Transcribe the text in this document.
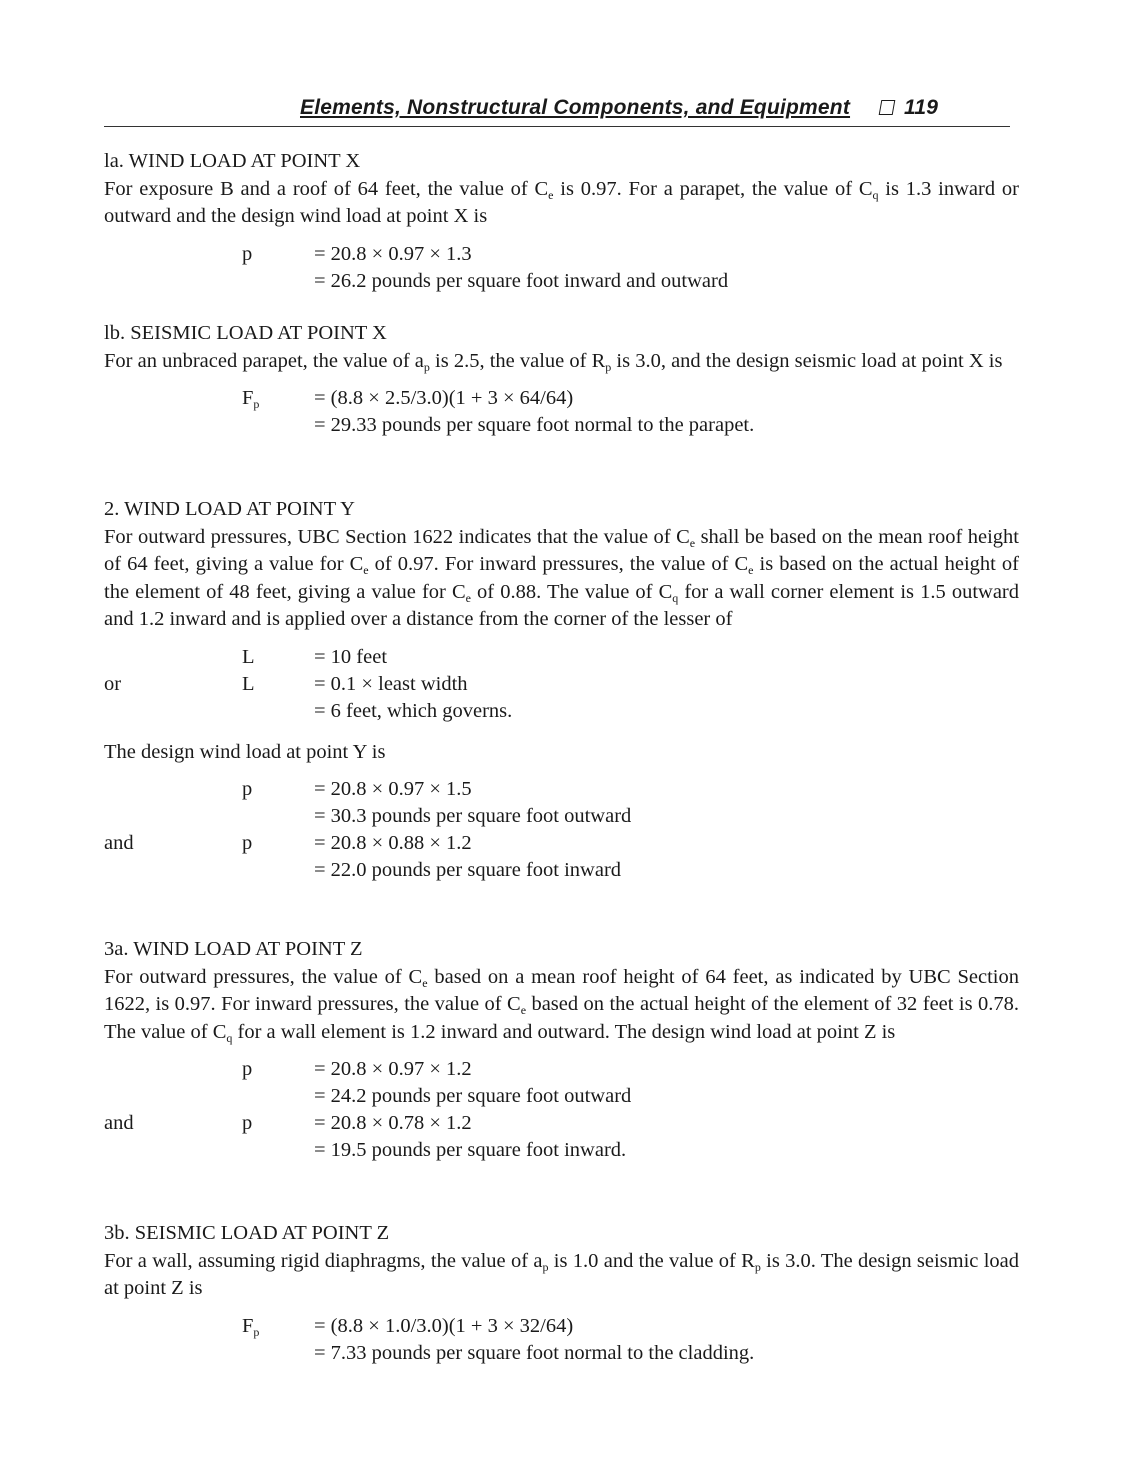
Elements, Nonstructural Components, and Equipment	119

la. WIND LOAD AT POINT X

For exposure B and a roof of 64 feet, the value of $C_e$ is 0.97. For a parapet, the value of $C_q$ is 1.3 inward or outward and the design wind load at point X is

p	= 20.8 × 0.97 × 1.3
= 26.2 pounds per square foot inward and outward

lb. SEISMIC LOAD AT POINT X

For an unbraced parapet, the value of $a_p$ is 2.5, the value of $R_p$ is 3.0, and the design seismic load at point X is

$F_p$	= (8.8 × 2.5/3.0)(1 + 3 × 64/64)
= 29.33 pounds per square foot normal to the parapet.

2. WIND LOAD AT POINT Y

For outward pressures, UBC Section 1622 indicates that the value of $C_e$ shall be based on the mean roof height of 64 feet, giving a value for $C_e$ of 0.97. For inward pressures, the value of $C_e$ is based on the actual height of the element of 48 feet, giving a value for $C_e$ of 0.88. The value of $C_q$ for a wall corner element is 1.5 outward and 1.2 inward and is applied over a distance from the corner of the lesser of

L	= 10 feet
or	L	= 0.1 × least width
= 6 feet, which governs.

The design wind load at point Y is

p	= 20.8 × 0.97 × 1.5
= 30.3 pounds per square foot outward
and	p	= 20.8 × 0.88 × 1.2
= 22.0 pounds per square foot inward

3a. WIND LOAD AT POINT Z

For outward pressures, the value of $C_e$ based on a mean roof height of 64 feet, as indicated by UBC Section 1622, is 0.97. For inward pressures, the value of $C_e$ based on the actual height of the element of 32 feet is 0.78. The value of $C_q$ for a wall element is 1.2 inward and outward. The design wind load at point Z is

p	= 20.8 × 0.97 × 1.2
= 24.2 pounds per square foot outward
and	p	= 20.8 × 0.78 × 1.2
= 19.5 pounds per square foot inward.

3b. SEISMIC LOAD AT POINT Z

For a wall, assuming rigid diaphragms, the value of $a_p$ is 1.0 and the value of $R_p$ is 3.0. The design seismic load at point Z is

$F_p$	= (8.8 × 1.0/3.0)(1 + 3 × 32/64)
= 7.33 pounds per square foot normal to the cladding.
